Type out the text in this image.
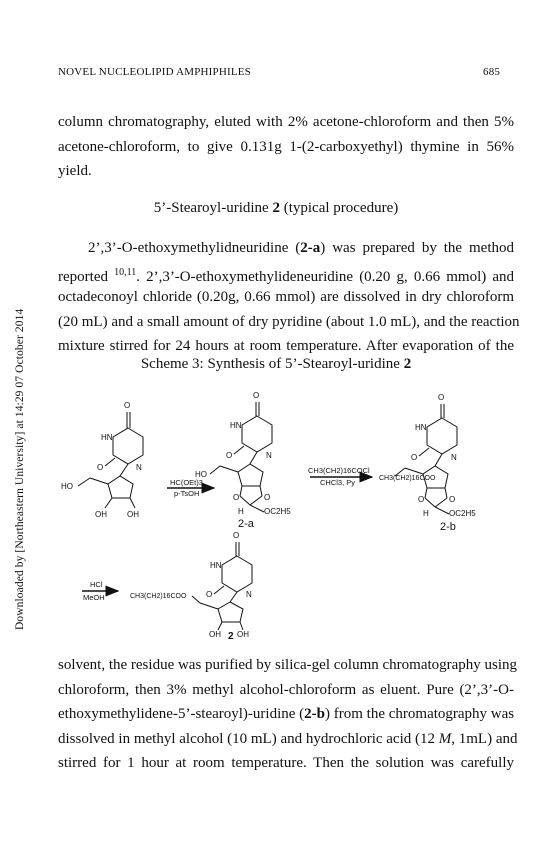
Downloaded by [Northeastern University] at 14:29 07 October 2014
NOVEL NUCLEOLIPID AMPHIPHILES	685
column chromatography, eluted with 2% acetone-chloroform and then 5%
acetone-chloroform, to give 0.131g 1-(2-carboxyethyl) thymine in 56%
yield.
5’-Stearoyl-uridine 2 (typical procedure)
2’,3’-O-ethoxymethylidneuridine (2-a) was prepared by the method
reported $^{10,11}$. 2’,3’-O-ethoxymethylideneuridine (0.20 g, 0.66 mmol) and
octadeconoyl chloride (0.20g, 0.66 mmol) are dissolved in dry chloroform
(20 mL) and a small amount of dry pyridine (about 1.0 mL), and the reaction
mixture stirred for 24 hours at room temperature. After evaporation of the
Scheme 3: Synthesis of 5’-Stearoyl-uridine 2
O
HN
O	N
HO
OH	OH
HC(OEt)3
p-TsOH
O
HN
O	N
HO
O	O
H	OC2H5
2-a
CH3(CH2)16COCl
CHCl3, Py
O
HN
O	N
CH3(CH2)16COO
O	O
H	OC2H5
2-b
HCl
MeOH
O
HN
O	N
CH3(CH2)16COO
OH OH
2
solvent, the residue was purified by silica-gel column chromatography using
chloroform, then 3% methyl alcohol-chloroform as eluent. Pure (2’,3’-O-
ethoxymethylidene-5’-stearoyl)-uridine (2-b) from the chromatography was
dissolved in methyl alcohol (10 mL) and hydrochloric acid (12 M, 1mL) and
stirred for 1 hour at room temperature. Then the solution was carefully
